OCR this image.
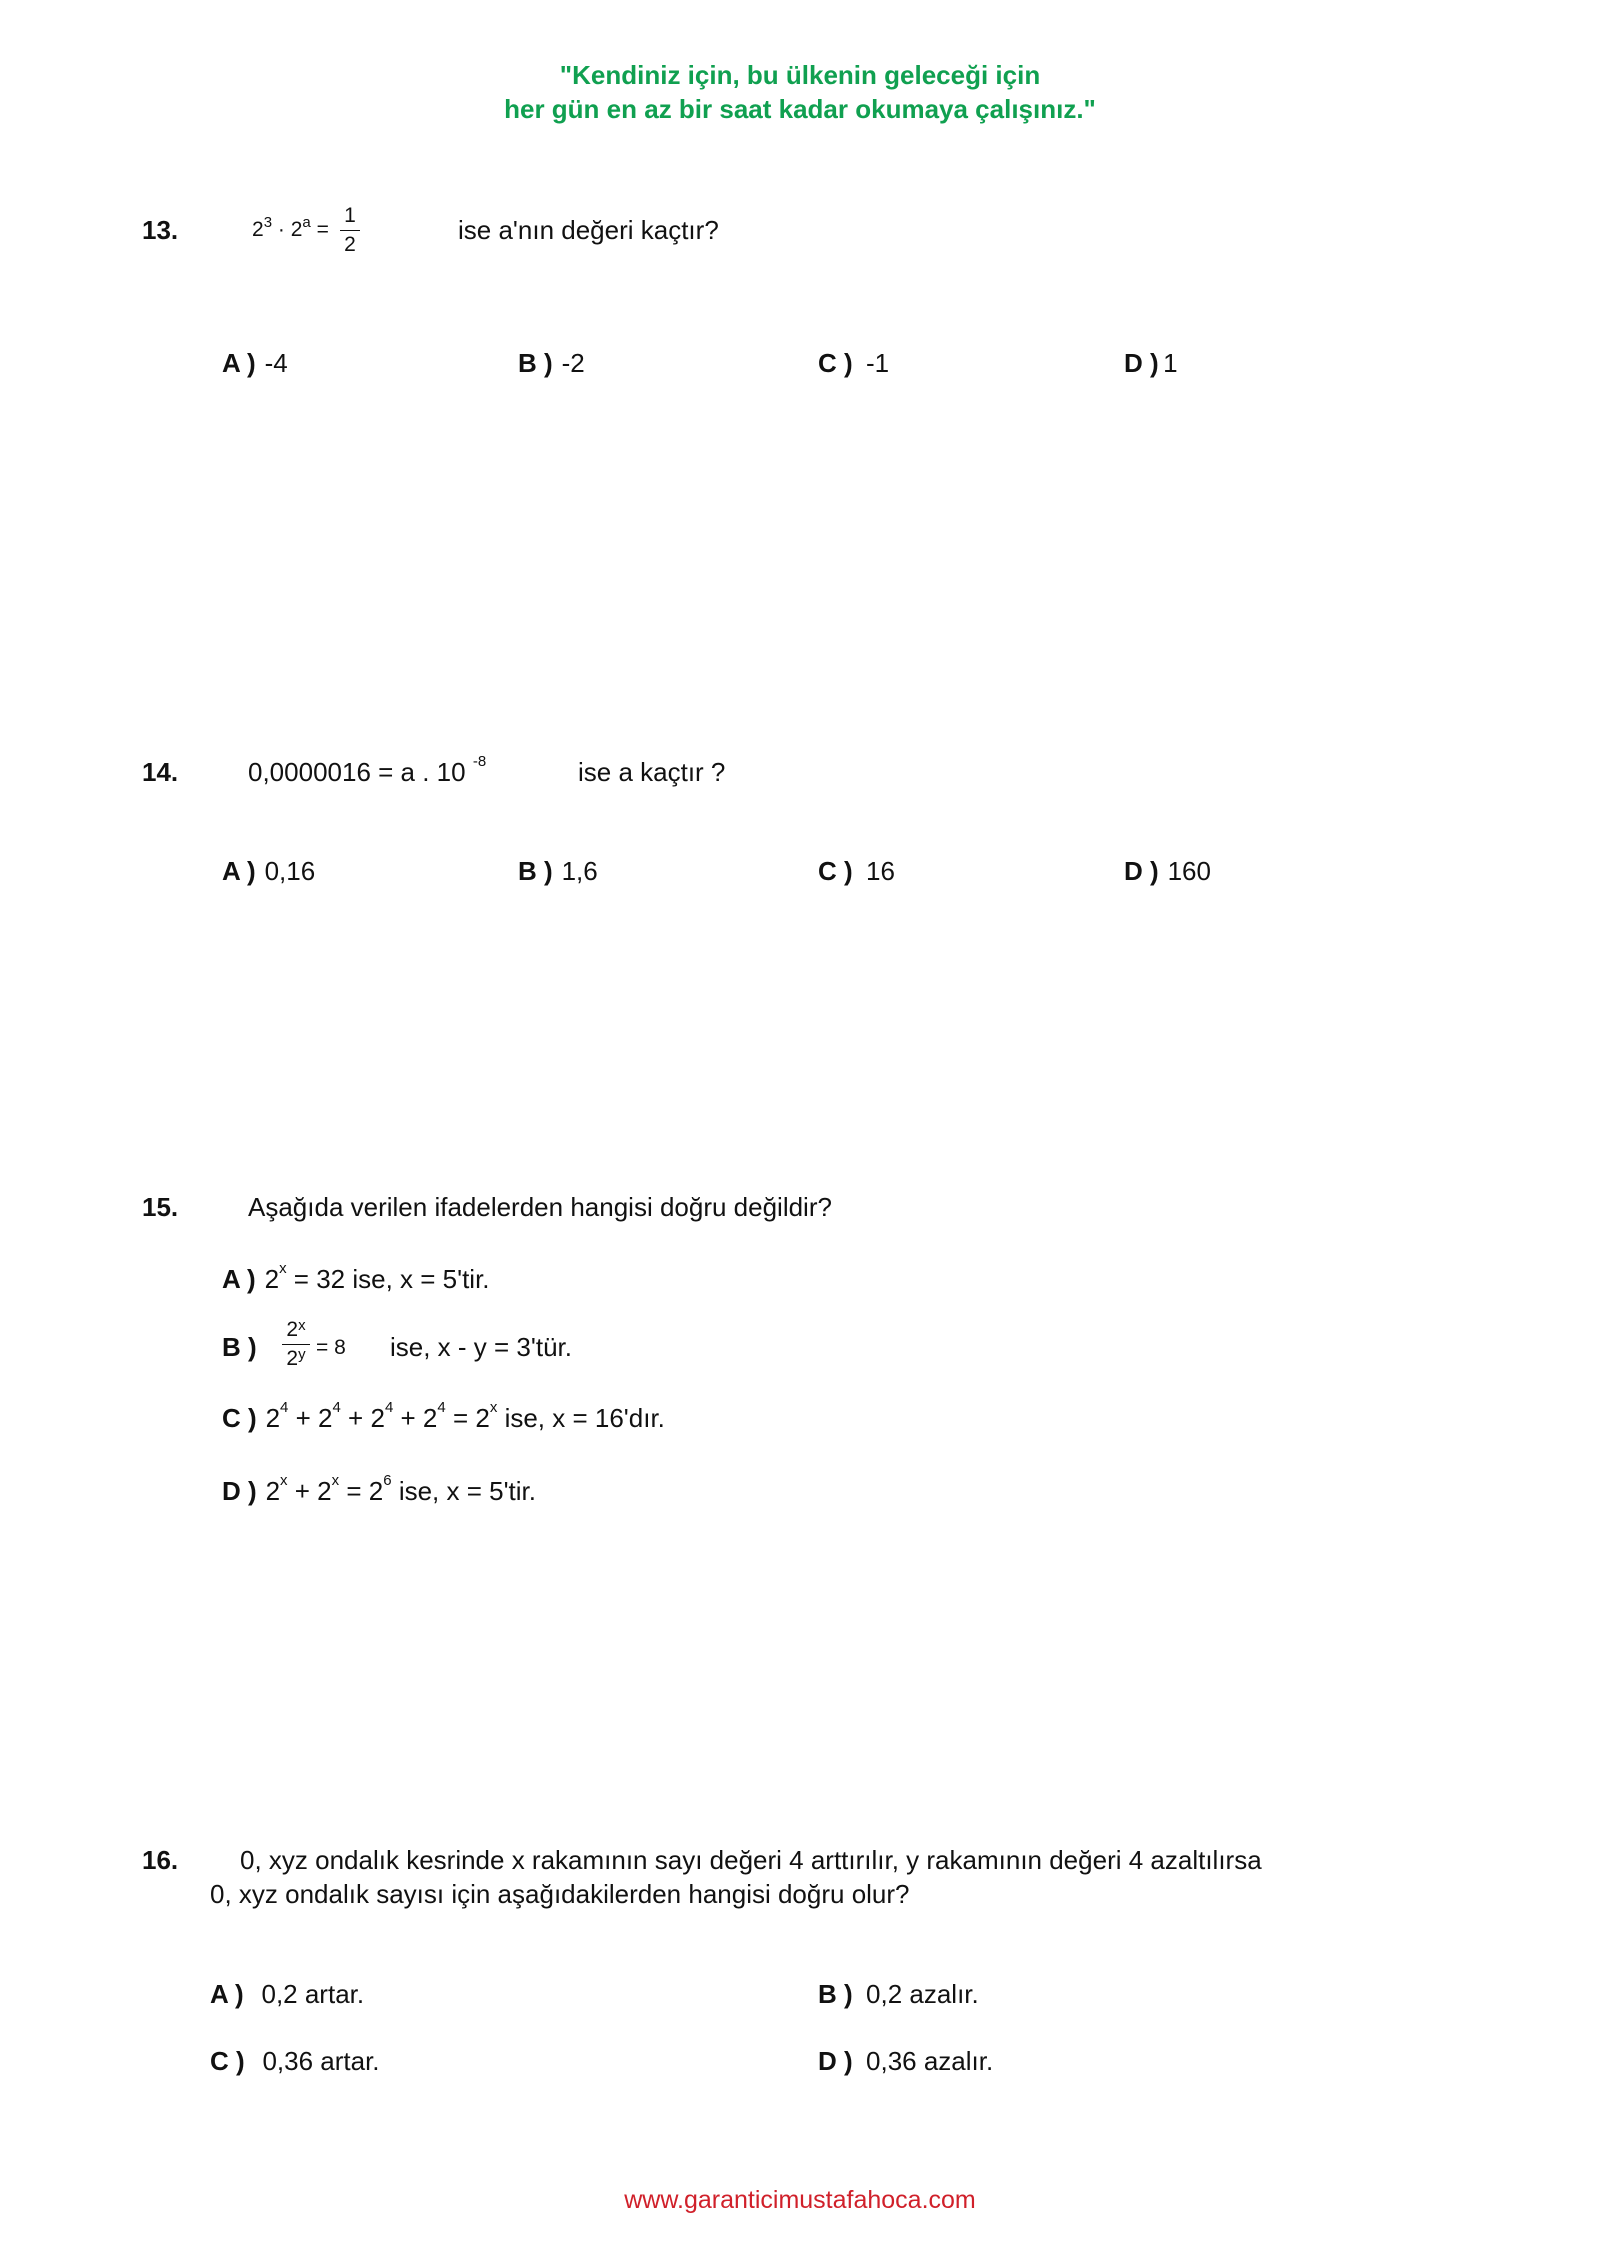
"Kendiniz için, bu ülkenin geleceği için
her gün en az bir saat kadar okumaya çalışınız."
13.	$2^3 \cdot 2^a$ =
1
2	ise a'nın değeri kaçtır?
A ) -4	B ) -2	C ) -1	D ) 1
14.	0,0000016 = a . 10 $^{-8}$	ise a kaçtır ?
A ) 0,16	B ) 1,6	C ) 16	D ) 160
15.	Aşağıda verilen ifadelerden hangisi doğru değildir?
A ) $2^x = 32$ ise, x = 5'tir.
B )
2$^x$
$2^y = 8$ ise, x - y = 3'tür.
C ) $2^4 + 2^4 + 2^4 + 2^4 = 2^x$ ise, x = 16'dır.
D ) $2^x + 2^x = 2^6$ ise, x = 5'tir.
16. 0, xyz ondalık kesrinde x rakamının sayı değeri 4 arttırılır, y rakamının değeri 4 azaltılırsa
0, xyz ondalık sayısı için aşağıdakilerden hangisi doğru olur?
A ) 0,2 artar.	B ) 0,2 azalır.
C ) 0,36 artar.	D ) 0,36 azalır.
www.garanticimustafahoca.com
